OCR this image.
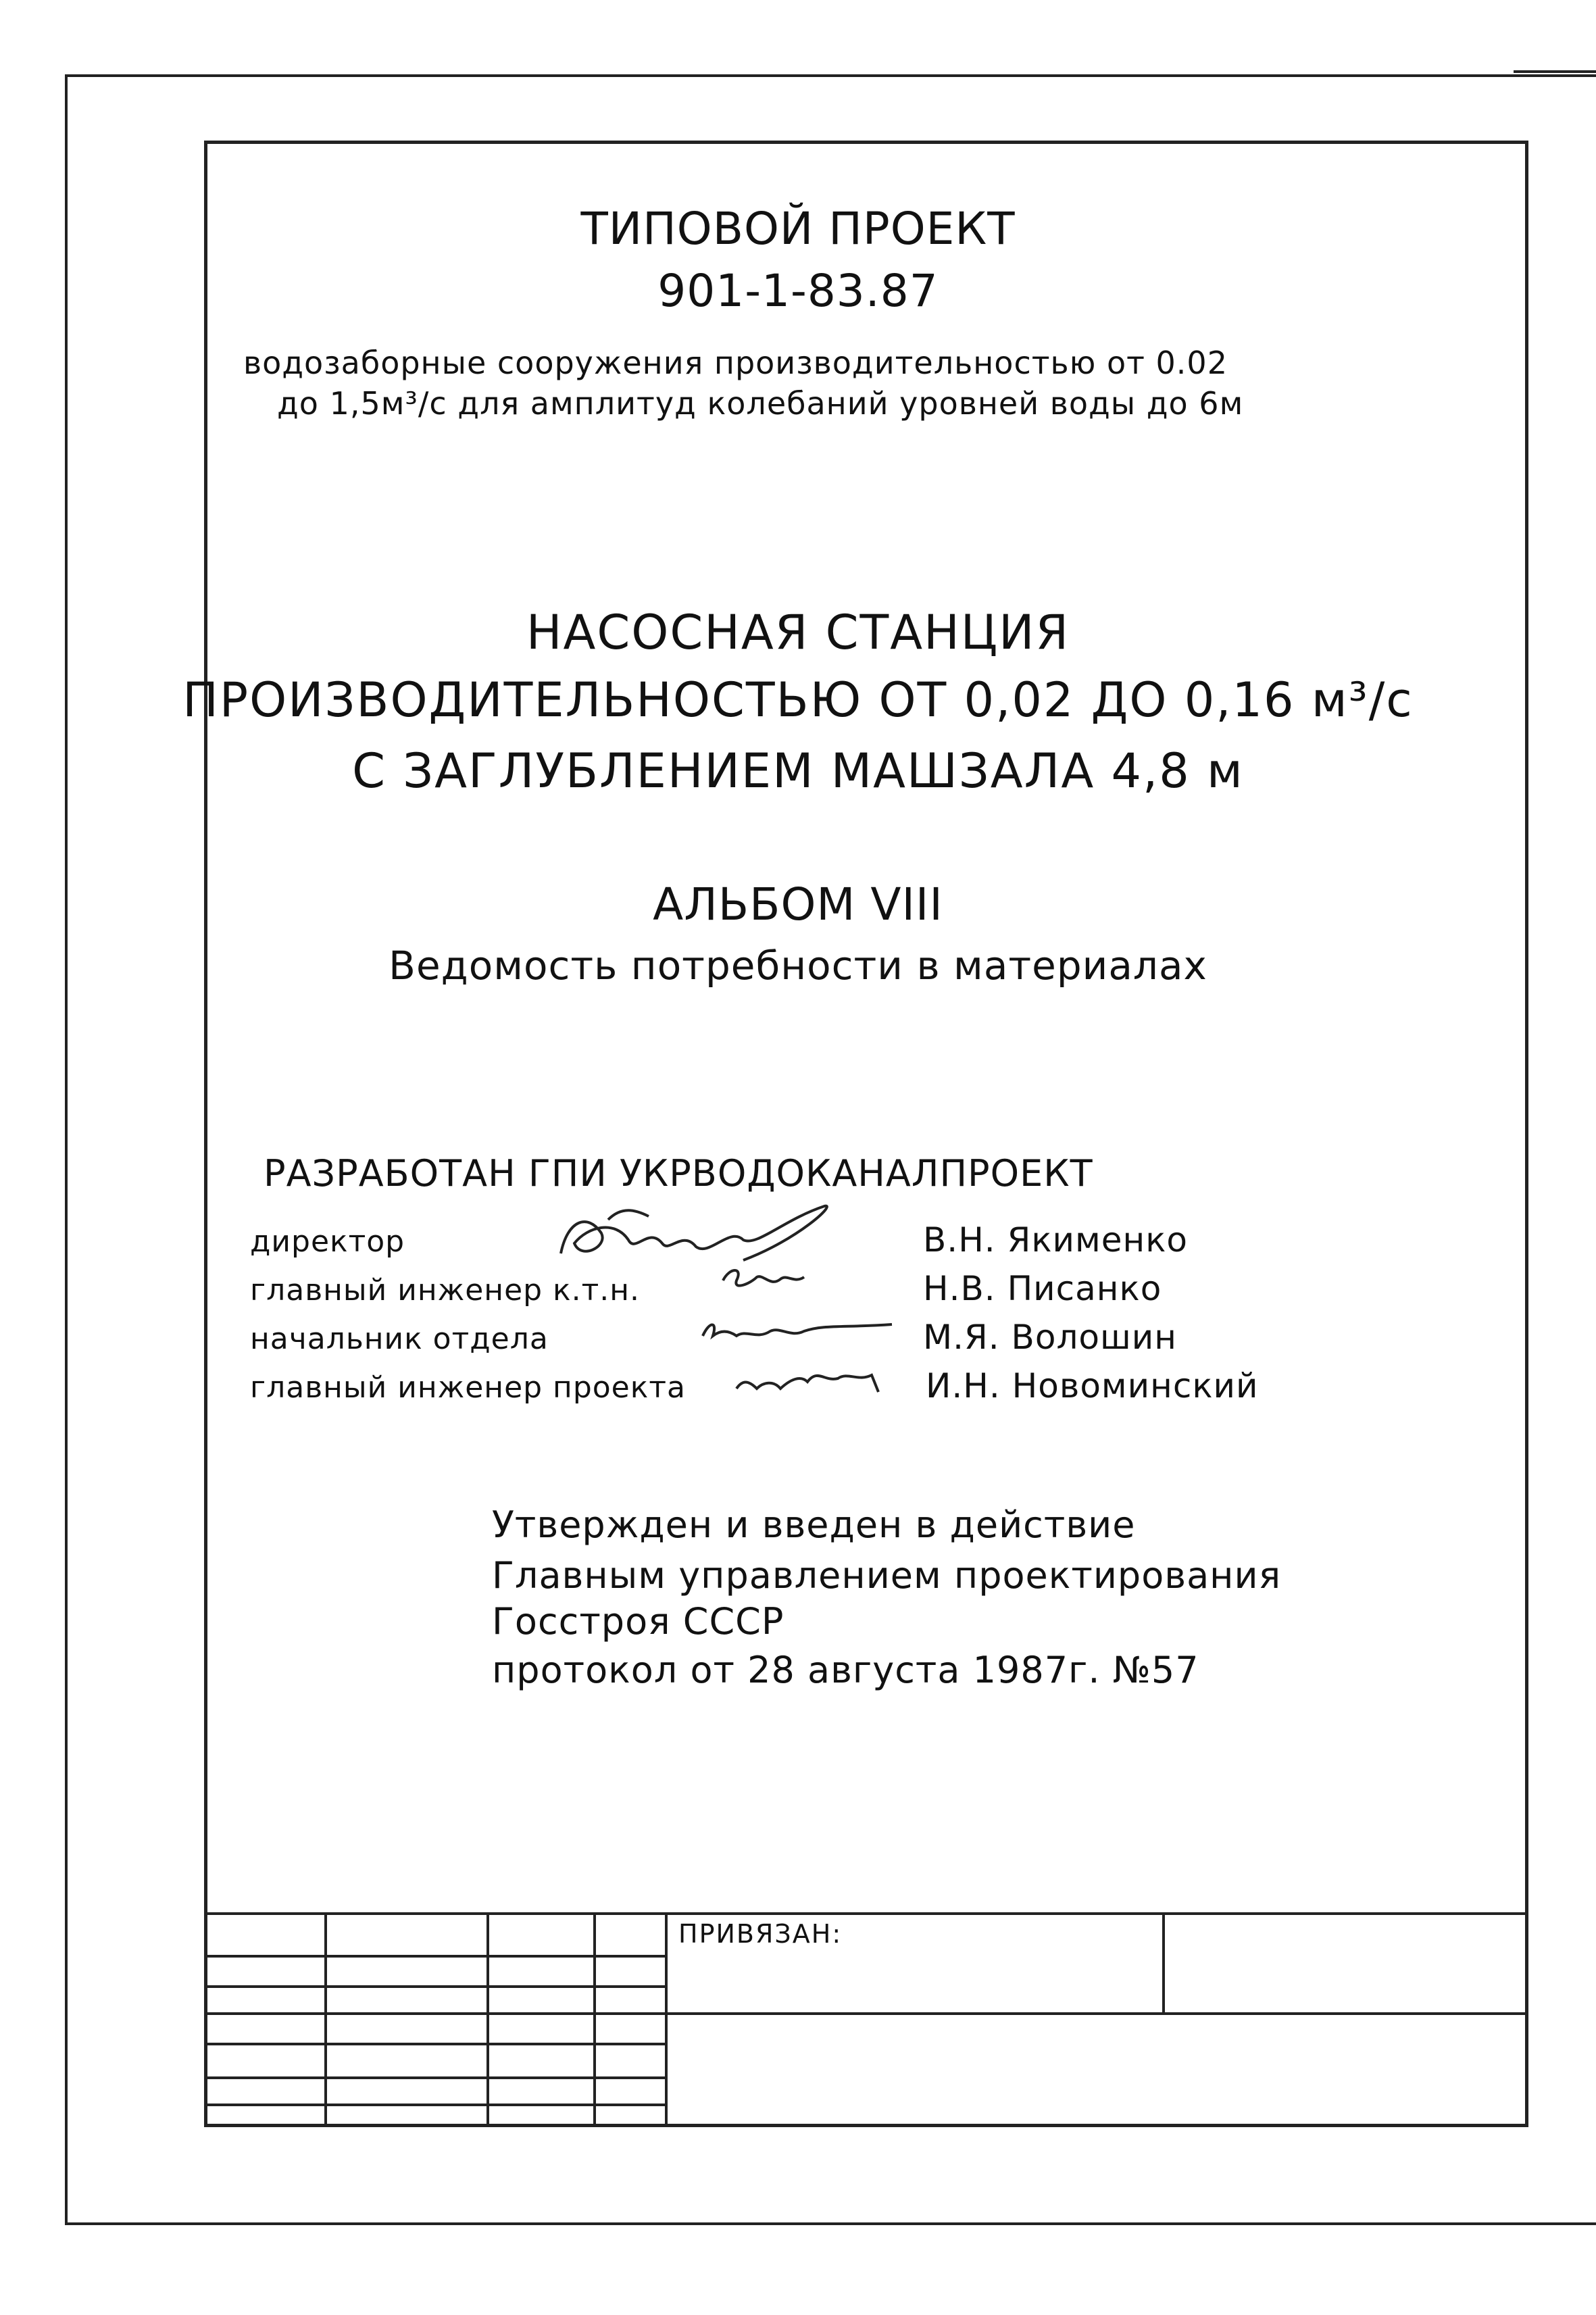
ТИПОВОЙ ПРОЕКТ
901-1-83.87
водозаборные сооружения производительностью от 0.02
до 1,5м³/с для амплитуд колебаний уровней воды до 6м
НАСОСНАЯ СТАНЦИЯ
ПРОИЗВОДИТЕЛЬНОСТЬЮ ОТ 0,02 ДО 0,16 м³/с
С ЗАГЛУБЛЕНИЕМ МАШЗАЛА 4,8 м
АЛЬБОМ VIII
Ведомость потребности в материалах
РАЗРАБОТАН ГПИ УКРВОДОКАНАЛПРОЕКТ
директор	В.Н. Якименко
главный инженер к.т.н.	Н.В. Писанко
начальник отдела	М.Я. Волошин
главный инженер проекта	И.Н. Новоминский
Утвержден и введен в действие
Главным управлением проектирования
Госстроя СССР
протокол от 28 августа 1987г. №57
ПРИВЯЗАН:
